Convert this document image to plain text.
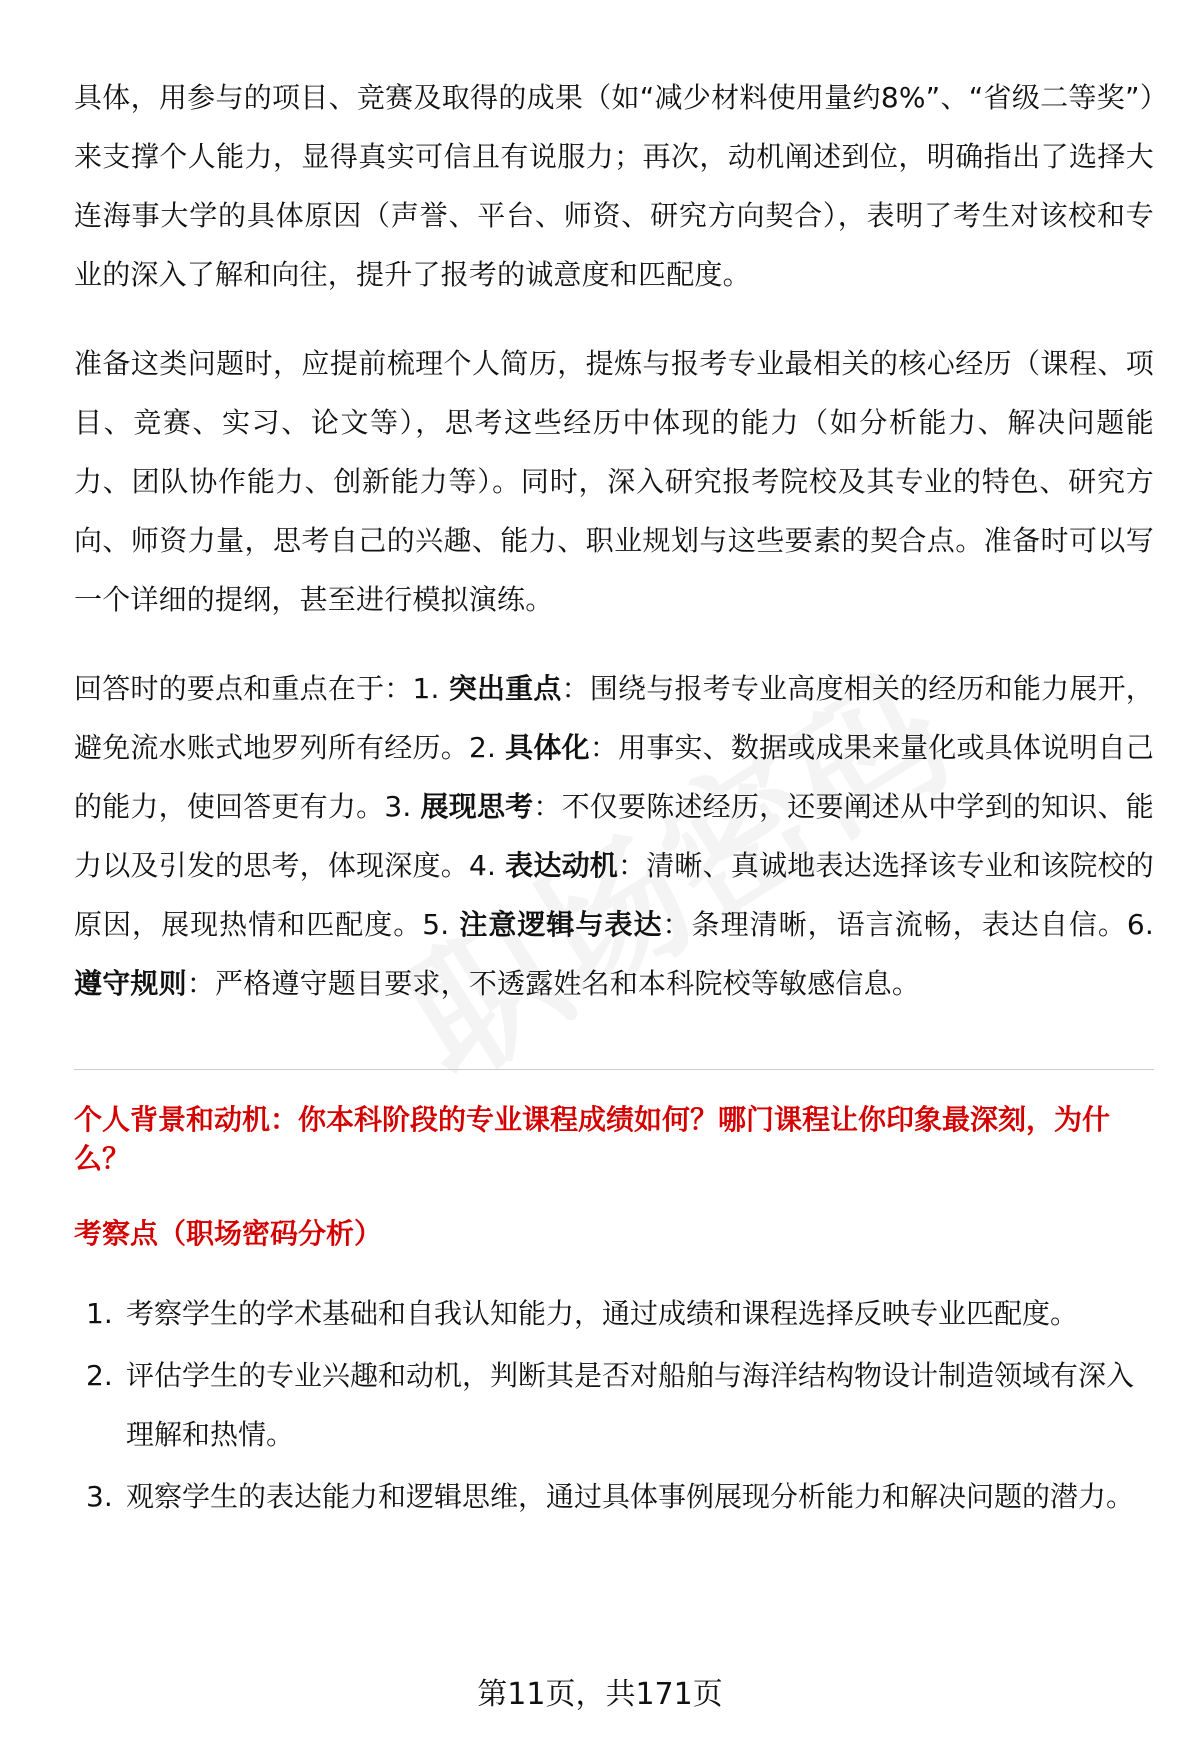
具体，用参与的项目、竞赛及取得的成果（如“减少材料使用量约8%”、“省级二等奖”）来支撑个人能力，显得真实可信且有说服力；再次，动机阐述到位，明确指出了选择大连海事大学的具体原因（声誉、平台、师资、研究方向契合），表明了考生对该校和专业的深入了解和向往，提升了报考的诚意度和匹配度。

准备这类问题时，应提前梳理个人简历，提炼与报考专业最相关的核心经历（课程、项目、竞赛、实习、论文等），思考这些经历中体现的能力（如分析能力、解决问题能力、团队协作能力、创新能力等）。同时，深入研究报考院校及其专业的特色、研究方向、师资力量，思考自己的兴趣、能力、职业规划与这些要素的契合点。准备时可以写一个详细的提纲，甚至进行模拟演练。

回答时的要点和重点在于：1. 突出重点：围绕与报考专业高度相关的经历和能力展开，避免流水账式地罗列所有经历。2. 具体化：用事实、数据或成果来量化或具体说明自己的能力，使回答更有力。3. 展现思考：不仅要陈述经历，还要阐述从中学到的知识、能力以及引发的思考，体现深度。4. 表达动机：清晰、真诚地表达选择该专业和该院校的原因，展现热情和匹配度。5. 注意逻辑与表达：条理清晰，语言流畅，表达自信。6. 遵守规则：严格遵守题目要求，不透露姓名和本科院校等敏感信息。

个人背景和动机：你本科阶段的专业课程成绩如何？哪门课程让你印象最深刻，为什么？
考察点（职场密码分析）
1. 考察学生的学术基础和自我认知能力，通过成绩和课程选择反映专业匹配度。
2. 评估学生的专业兴趣和动机，判断其是否对船舶与海洋结构物设计制造领域有深入理解和热情。
3. 观察学生的表达能力和逻辑思维，通过具体事例展现分析能力和解决问题的潜力。
第11页，共171页
